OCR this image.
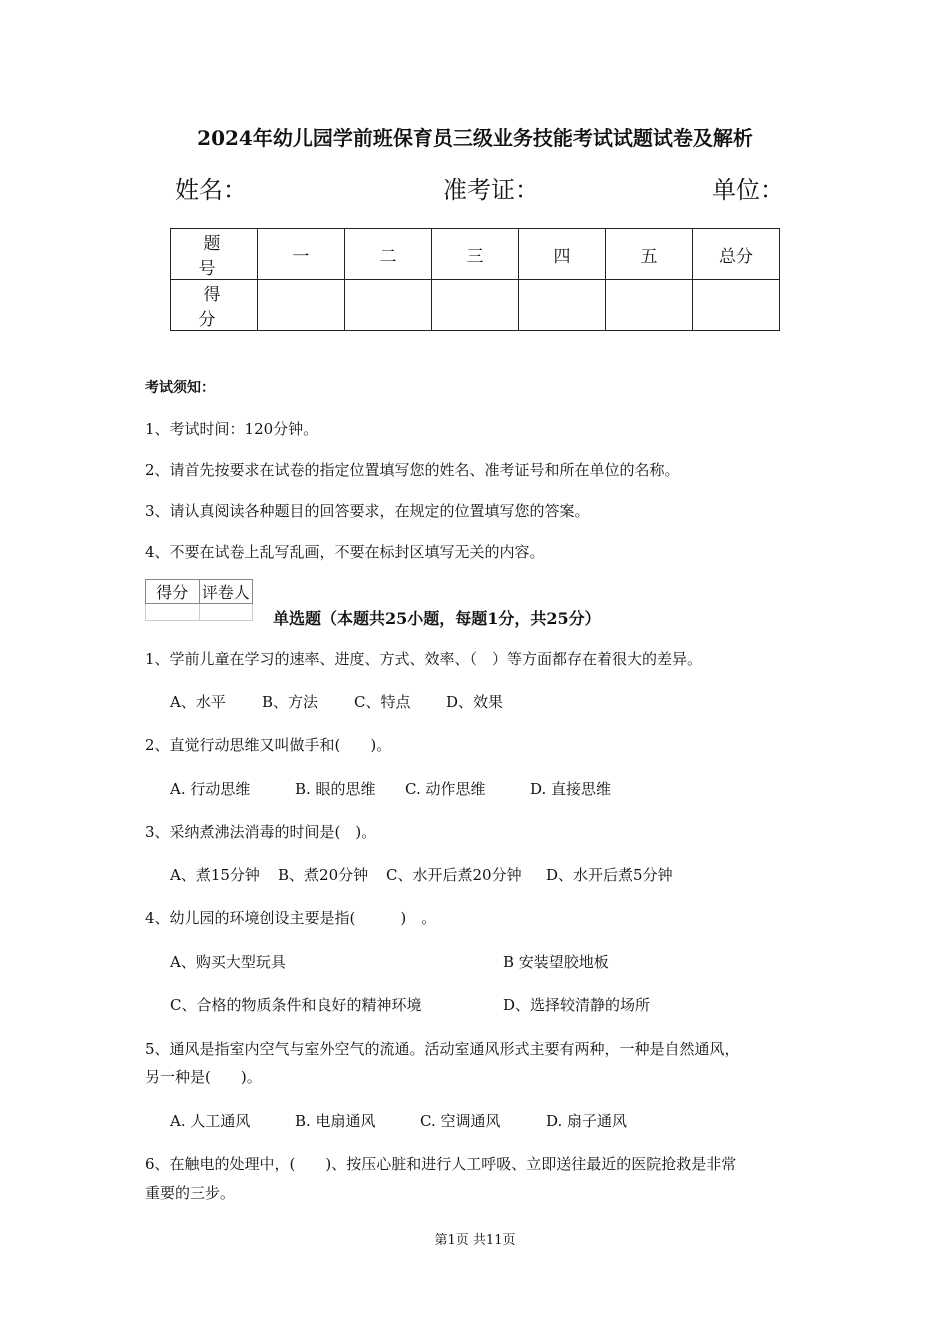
2024年幼儿园学前班保育员三级业务技能考试试题试卷及解析
姓名：	准考证：	单位：
题　号	一	二	三	四	五	总分
得　分						
考试须知：
1、考试时间：120分钟。
2、请首先按要求在试卷的指定位置填写您的姓名、准考证号和所在单位的名称。
3、请认真阅读各种题目的回答要求，在规定的位置填写您的答案。
4、不要在试卷上乱写乱画，不要在标封区填写无关的内容。
得分	评卷人

单选题（本题共25小题，每题1分，共25分）
1、学前儿童在学习的速率、进度、方式、效率、（　）等方面都存在着很大的差异。
A、水平 B、方法 C、特点 D、效果
2、直觉行动思维又叫做手和(　　)。
A. 行动思维	B. 眼的思维 C. 动作思维	D. 直接思维
3、采纳煮沸法消毒的时间是(　)。
A、煮15分钟 B、煮20分钟 C、水开后煮20分钟 D、水开后煮5分钟
4、幼儿园的环境创设主要是指(　　　)　。
A、购买大型玩具	B 安装望胶地板
C、合格的物质条件和良好的精神环境	D、选择较清静的场所
5、通风是指室内空气与室外空气的流通。活动室通风形式主要有两种，一种是自然通风，
另一种是(　　)。
A. 人工通风	B. 电扇通风	C. 空调通风	D. 扇子通风
6、在触电的处理中，(　　)、按压心脏和进行人工呼吸、立即送往最近的医院抢救是非常
重要的三步。
第1页 共11页
